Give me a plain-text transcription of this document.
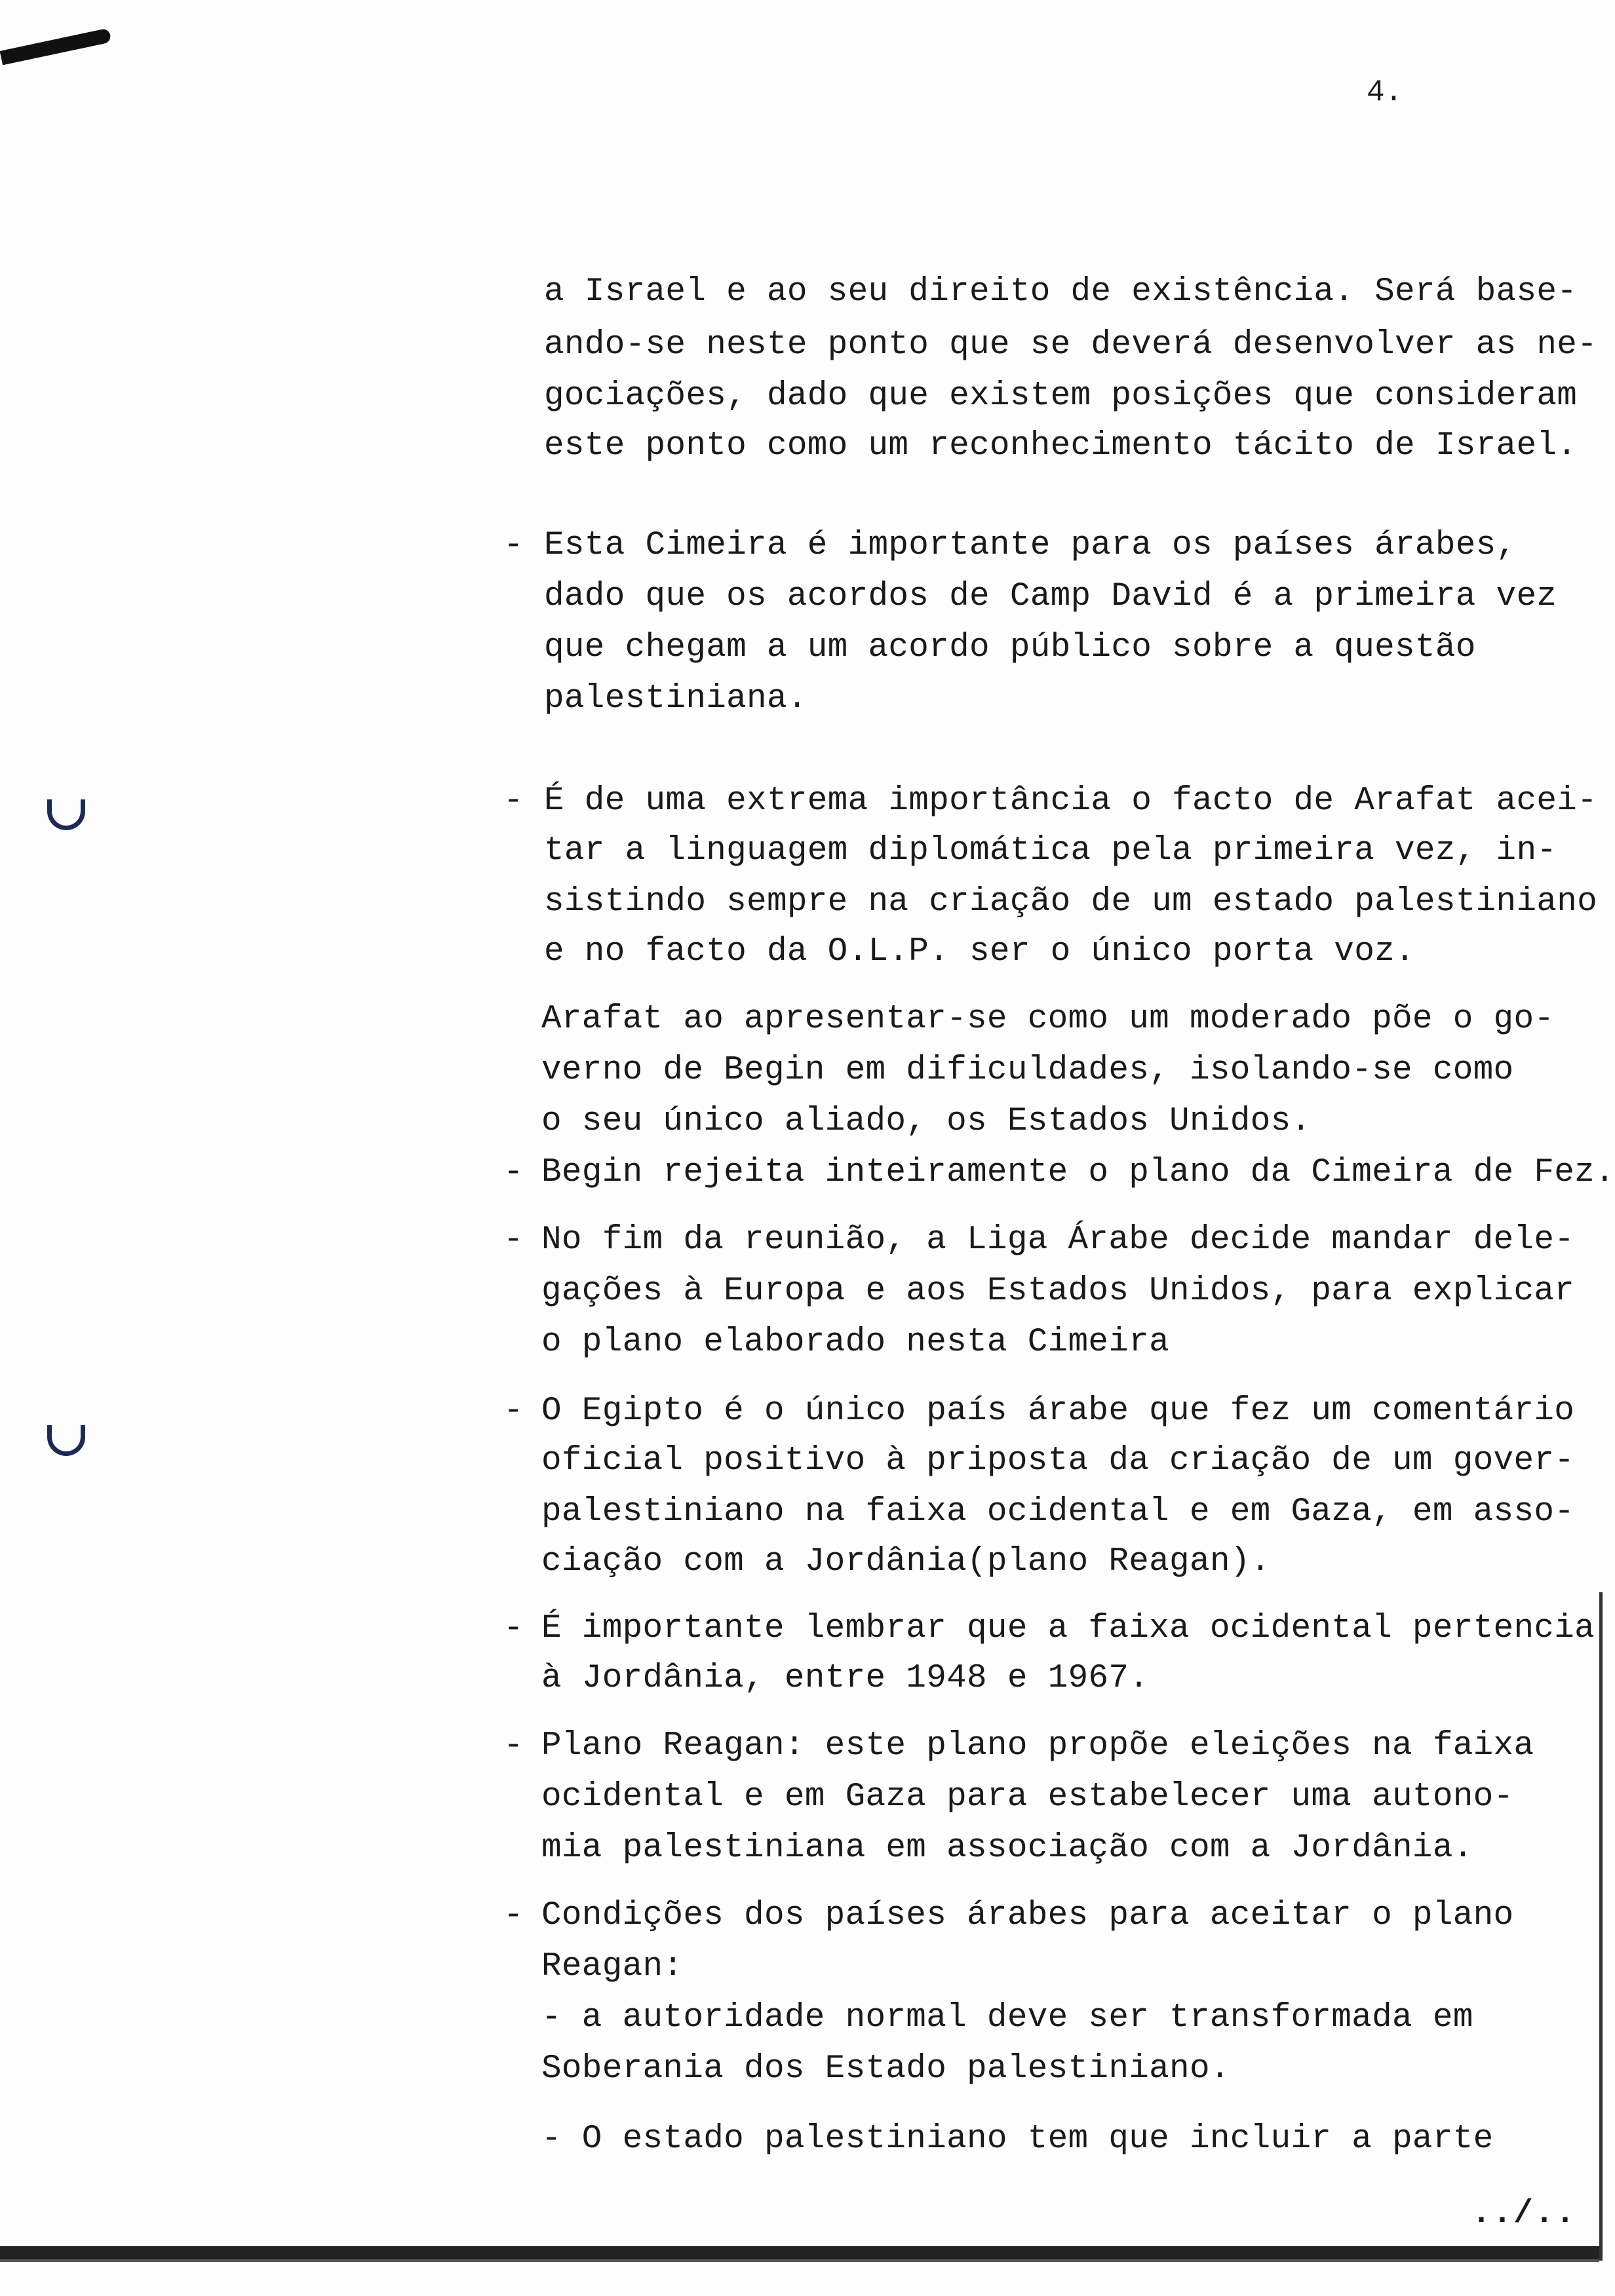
4.
a Israel e ao seu direito de existência. Será base-
ando-se neste ponto que se deverá desenvolver as ne-
gociações, dado que existem posições que consideram
este ponto como um reconhecimento tácito de Israel.
- Esta Cimeira é importante para os países árabes,
dado que os acordos de Camp David é a primeira vez
que chegam a um acordo público sobre a questão
palestiniana.
- É de uma extrema importância o facto de Arafat acei-
tar a linguagem diplomática pela primeira vez, in-
sistindo sempre na criação de um estado palestiniano
e no facto da O.L.P. ser o único porta voz.
Arafat ao apresentar-se como um moderado põe o go-
verno de Begin em dificuldades, isolando-se como
o seu único aliado, os Estados Unidos.
- Begin rejeita inteiramente o plano da Cimeira de Fez.
- No fim da reunião, a Liga Árabe decide mandar dele-
gações à Europa e aos Estados Unidos, para explicar
o plano elaborado nesta Cimeira
- O Egipto é o único país árabe que fez um comentário
oficial positivo à priposta da criação de um gover-
palestiniano na faixa ocidental e em Gaza, em asso-
ciação com a Jordânia(plano Reagan).
- É importante lembrar que a faixa ocidental pertencia
à Jordânia, entre 1948 e 1967.
- Plano Reagan: este plano propõe eleições na faixa
ocidental e em Gaza para estabelecer uma autono-
mia palestiniana em associação com a Jordânia.
- Condições dos países árabes para aceitar o plano
Reagan:
- a autoridade normal deve ser transformada em
Soberania dos Estado palestiniano.
- O estado palestiniano tem que incluir a parte
../..
